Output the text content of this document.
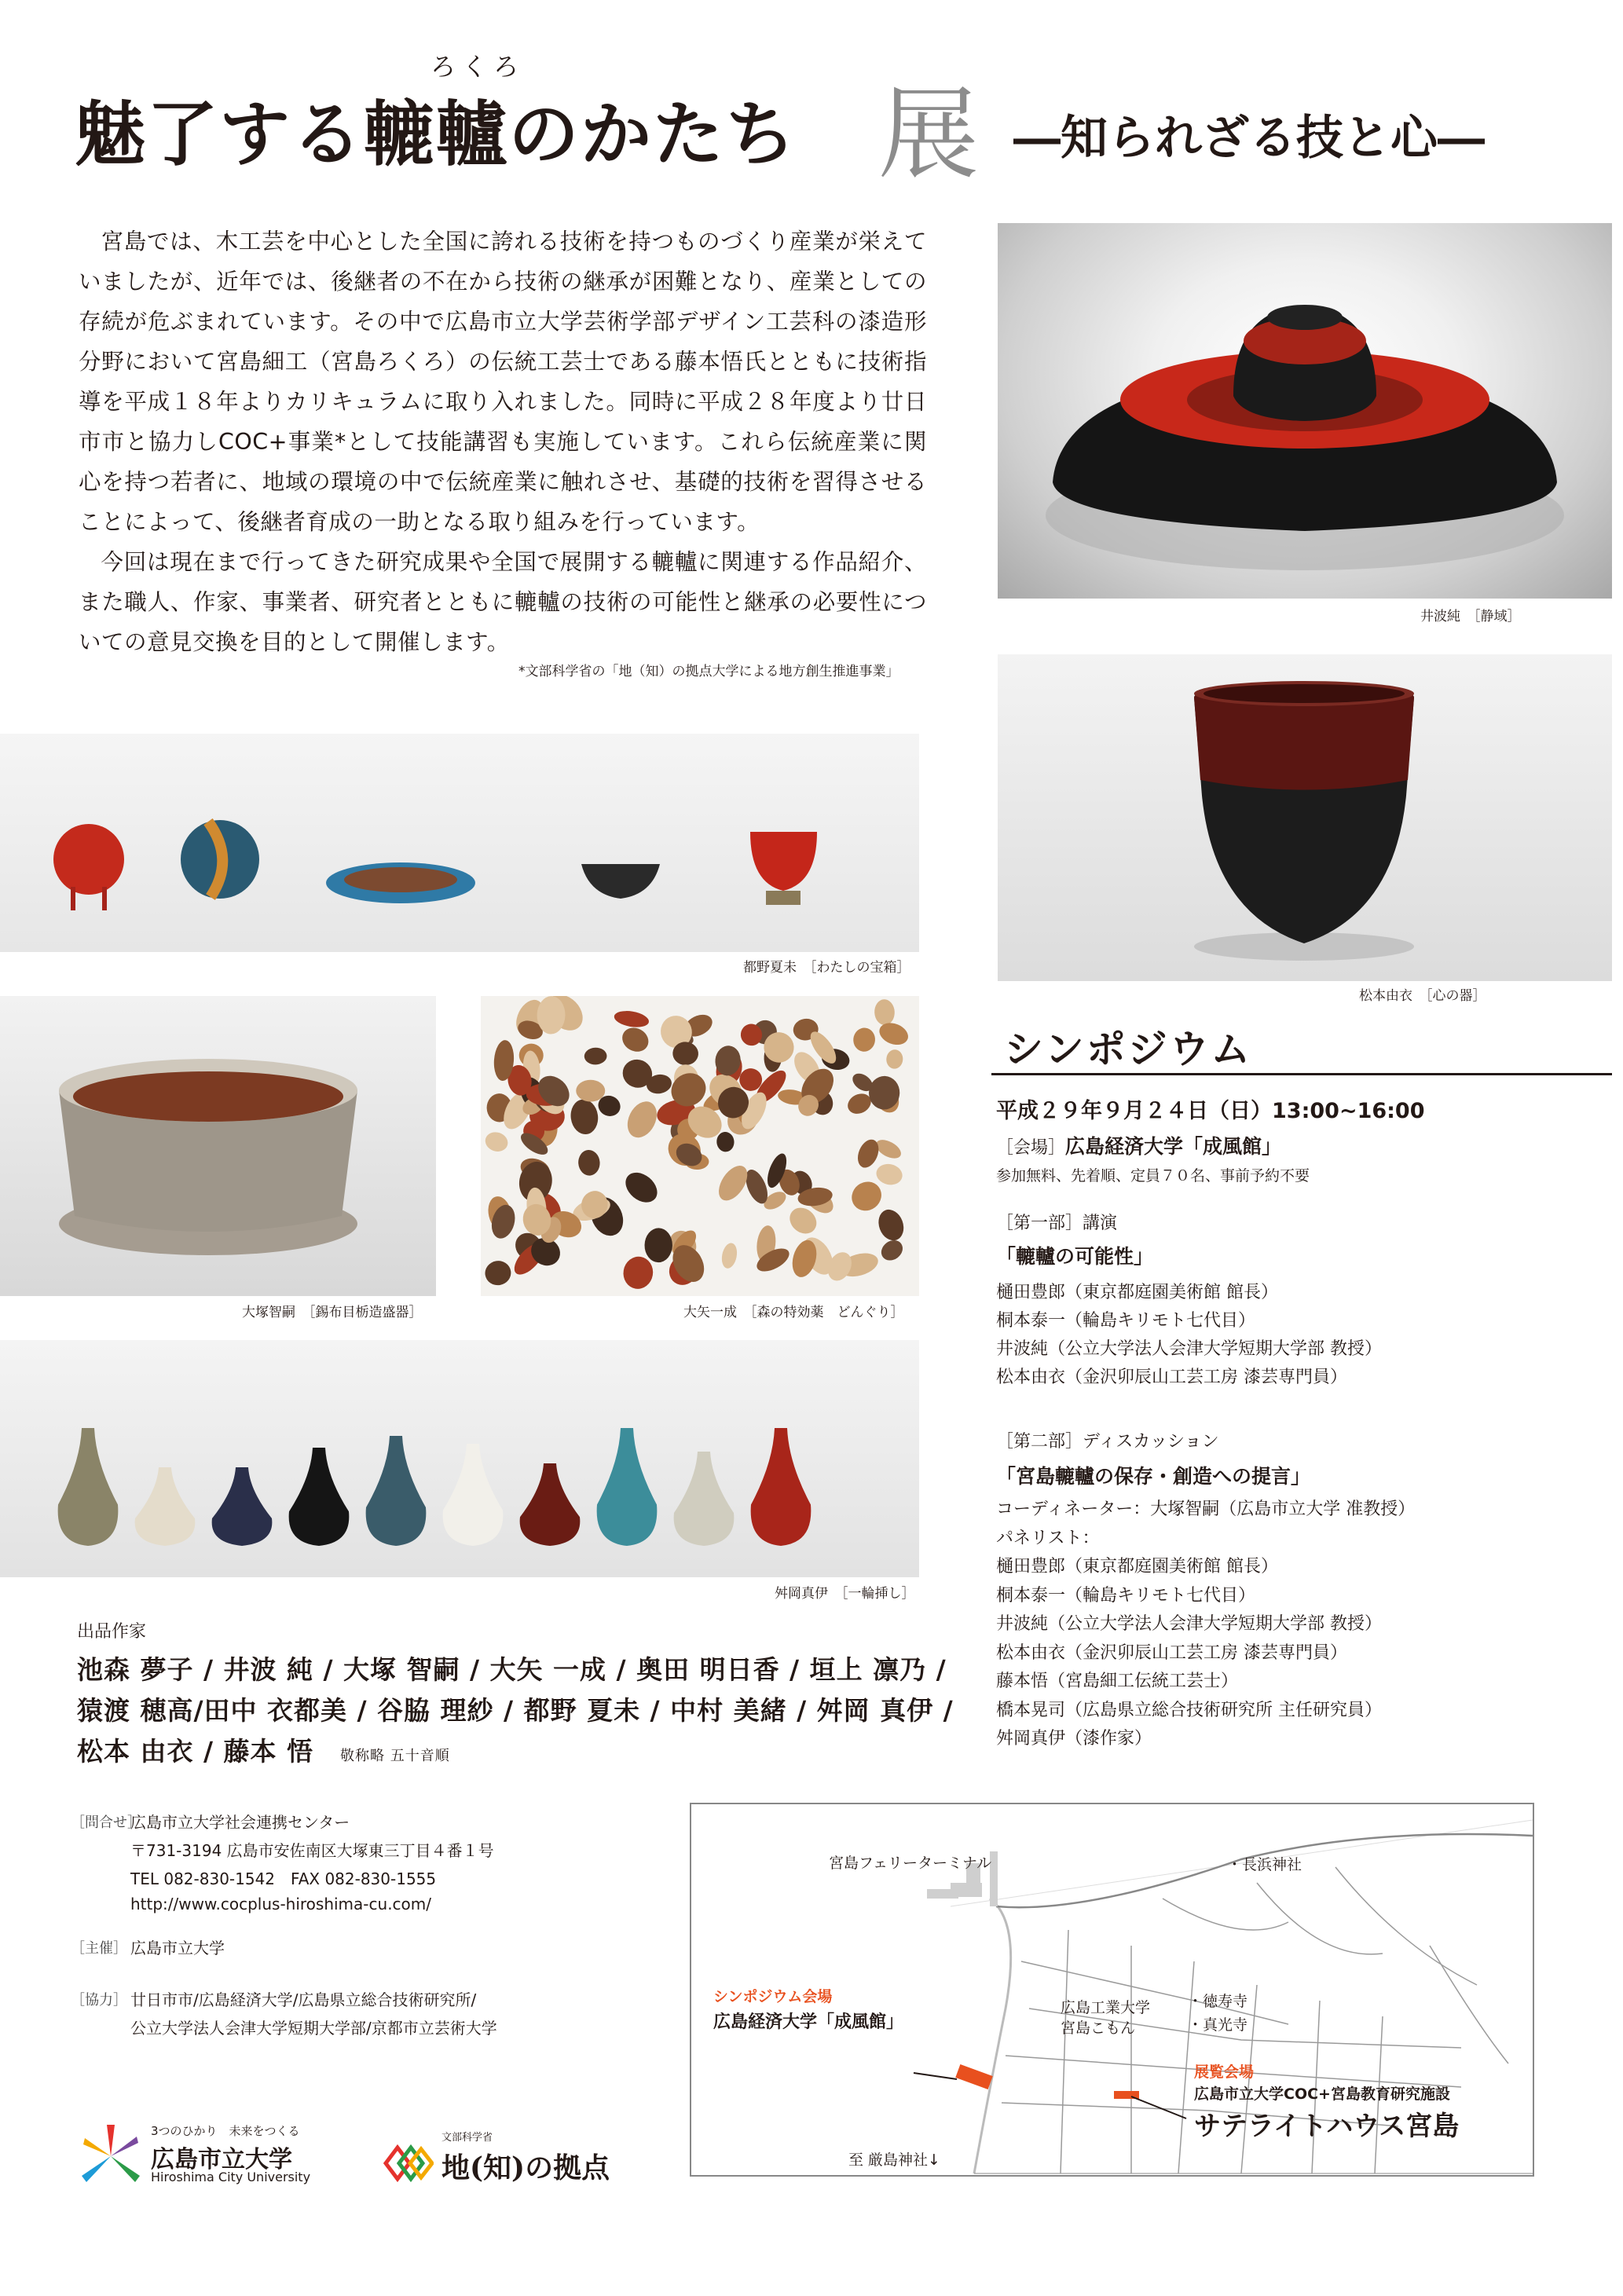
ろくろ
魅了する轆轤のかたち 展 ―知られざる技と心―

宮島では、木工芸を中心とした全国に誇れる技術を持つものづくり産業が栄えていましたが、近年では、後継者の不在から技術の継承が困難となり、産業としての存続が危ぶまれています。その中で広島市立大学芸術学部デザイン工芸科の漆造形分野において宮島細工（宮島ろくろ）の伝統工芸士である藤本悟氏とともに技術指導を平成１８年よりカリキュラムに取り入れました。同時に平成２８年度より廿日市市と協力しCOC+事業*として技能講習も実施しています。これら伝統産業に関心を持つ若者に、地域の環境の中で伝統産業に触れさせ、基礎的技術を習得させることによって、後継者育成の一助となる取り組みを行っています。

今回は現在まで行ってきた研究成果や全国で展開する轆轤に関連する作品紹介、また職人、作家、事業者、研究者とともに轆轤の技術の可能性と継承の必要性についての意見交換を目的として開催します。

*文部科学省の「地（知）の拠点大学による地方創生推進事業」
井波純　［静域］
松本由衣　［心の器］
都野夏未　［わたしの宝箱］
大塚智嗣　［錫布目栃造盛器］	大矢一成　［森の特効薬　どんぐり］
舛岡真伊　［一輪挿し］
シンポジウム
平成２９年９月２４日（日）13:00~16:00
［会場］広島経済大学「成風館」
参加無料、先着順、定員７０名、事前予約不要
［第一部］講演
「轆轤の可能性」
樋田豊郎（東京都庭園美術館 館長）
桐本泰一（輪島キリモト七代目）
井波純（公立大学法人会津大学短期大学部 教授）
松本由衣（金沢卯辰山工芸工房 漆芸専門員）
［第二部］ディスカッション
「宮島轆轤の保存・創造への提言」
コーディネーター：大塚智嗣（広島市立大学 准教授）
パネリスト：
樋田豊郎（東京都庭園美術館 館長）
桐本泰一（輪島キリモト七代目）
井波純（公立大学法人会津大学短期大学部 教授）
松本由衣（金沢卯辰山工芸工房 漆芸専門員）
藤本悟（宮島細工伝統工芸士）
橋本晃司（広島県立総合技術研究所 主任研究員）
舛岡真伊（漆作家）
出品作家
池森 夢子 / 井波 純 / 大塚 智嗣 / 大矢 一成 / 奥田 明日香 / 垣上 凛乃 /
猿渡 穂高/田中 衣都美 / 谷脇 理紗 / 都野 夏未 / 中村 美緒 / 舛岡 真伊 /
松本 由衣 / 藤本 悟　 敬称略 五十音順
［問合せ］
広島市立大学社会連携センター
〒731-3194 広島市安佐南区大塚東三丁目４番１号
TEL 082-830-1542　FAX 082-830-1555
http://www.cocplus-hiroshima-cu.com/
［主催］ 広島市立大学
［協力］ 廿日市市/広島経済大学/広島県立総合技術研究所/
公立大学法人会津大学短期大学部/京都市立芸術大学
3つのひかり　未来をつくる
広島市立大学
Hiroshima City University
文部科学省
地(知)の拠点
宮島フェリーターミナル	・長浜神社
広島工業大学
宮島こもん
・徳寿寺
・真光寺
シンポジウム会場
広島経済大学「成風館」
展覧会場
広島市立大学COC+宮島教育研究施設
サテライトハウス宮島
至 厳島神社↓
